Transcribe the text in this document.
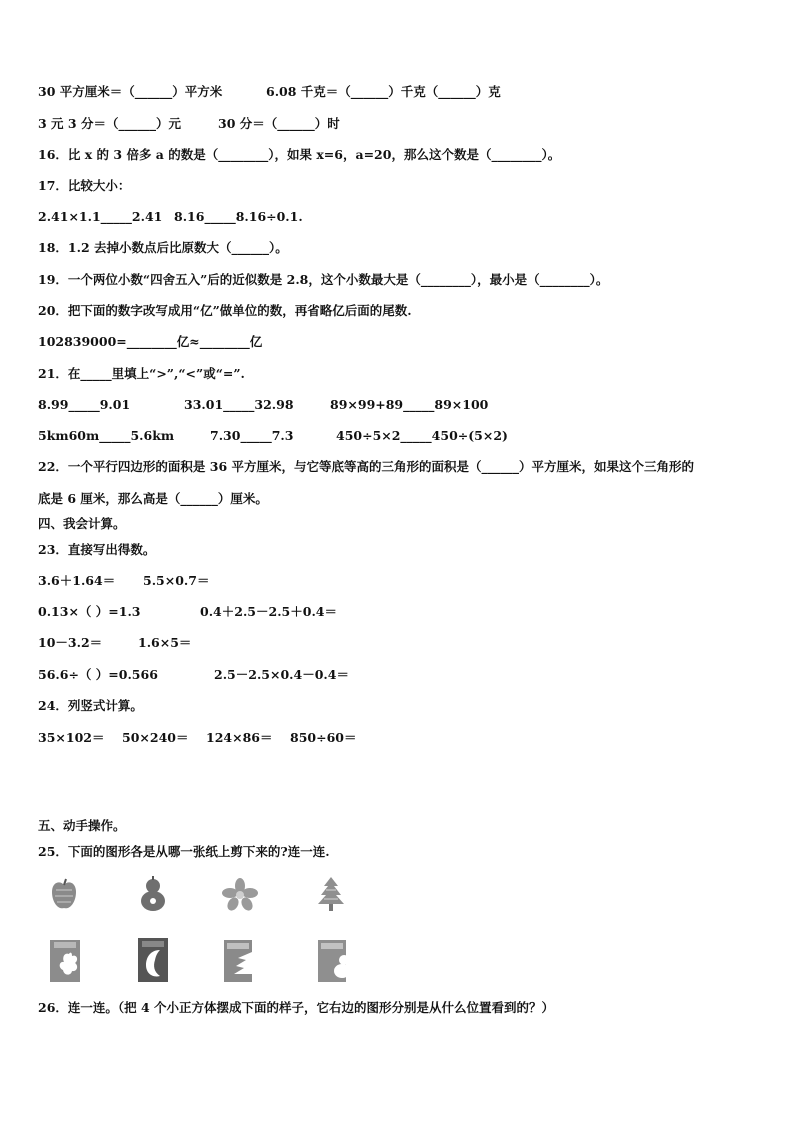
30 平方厘米＝（______）平方米	6.08 千克＝（______）千克（______）克
3 元 3 分＝（______）元	30 分＝（______）时
16．比 x 的 3 倍多 a 的数是（________），如果 x=6，a=20，那么这个数是（________）。
17．比较大小：
2.41×1.1_____2.41 8.16_____8.16÷0.1.
18．1.2 去掉小数点后比原数大（______）。
19．一个两位小数“四舍五入”后的近似数是 2.8，这个小数最大是（________），最小是（________）。
20．把下面的数字改写成用“亿”做单位的数，再省略亿后面的尾数.
102839000=________亿≈________亿
21．在_____里填上“>”,“<”或“=”.
8.99_____9.01	33.01_____32.98	89×99+89_____89×100
5km60m_____5.6km	7.30_____7.3	450÷5×2_____450÷(5×2)
22．一个平行四边形的面积是 36 平方厘米，与它等底等高的三角形的面积是（______）平方厘米，如果这个三角形的
底是 6 厘米，那么高是（______）厘米。
四、我会计算。
23．直接写出得数。
3.6＋1.64＝ 5.5×0.7＝
0.13×（ ）=1.3	0.4＋2.5－2.5＋0.4＝
10－3.2＝	1.6×5＝
56.6÷（ ）=0.566	2.5－2.5×0.4－0.4＝
24．列竖式计算。
35×102＝ 50×240＝ 124×86＝ 850÷60＝
五、动手操作。
25．下面的图形各是从哪一张纸上剪下来的?连一连.
26．连一连。（把 4 个小正方体摆成下面的样子，它右边的图形分别是从什么位置看到的？）
